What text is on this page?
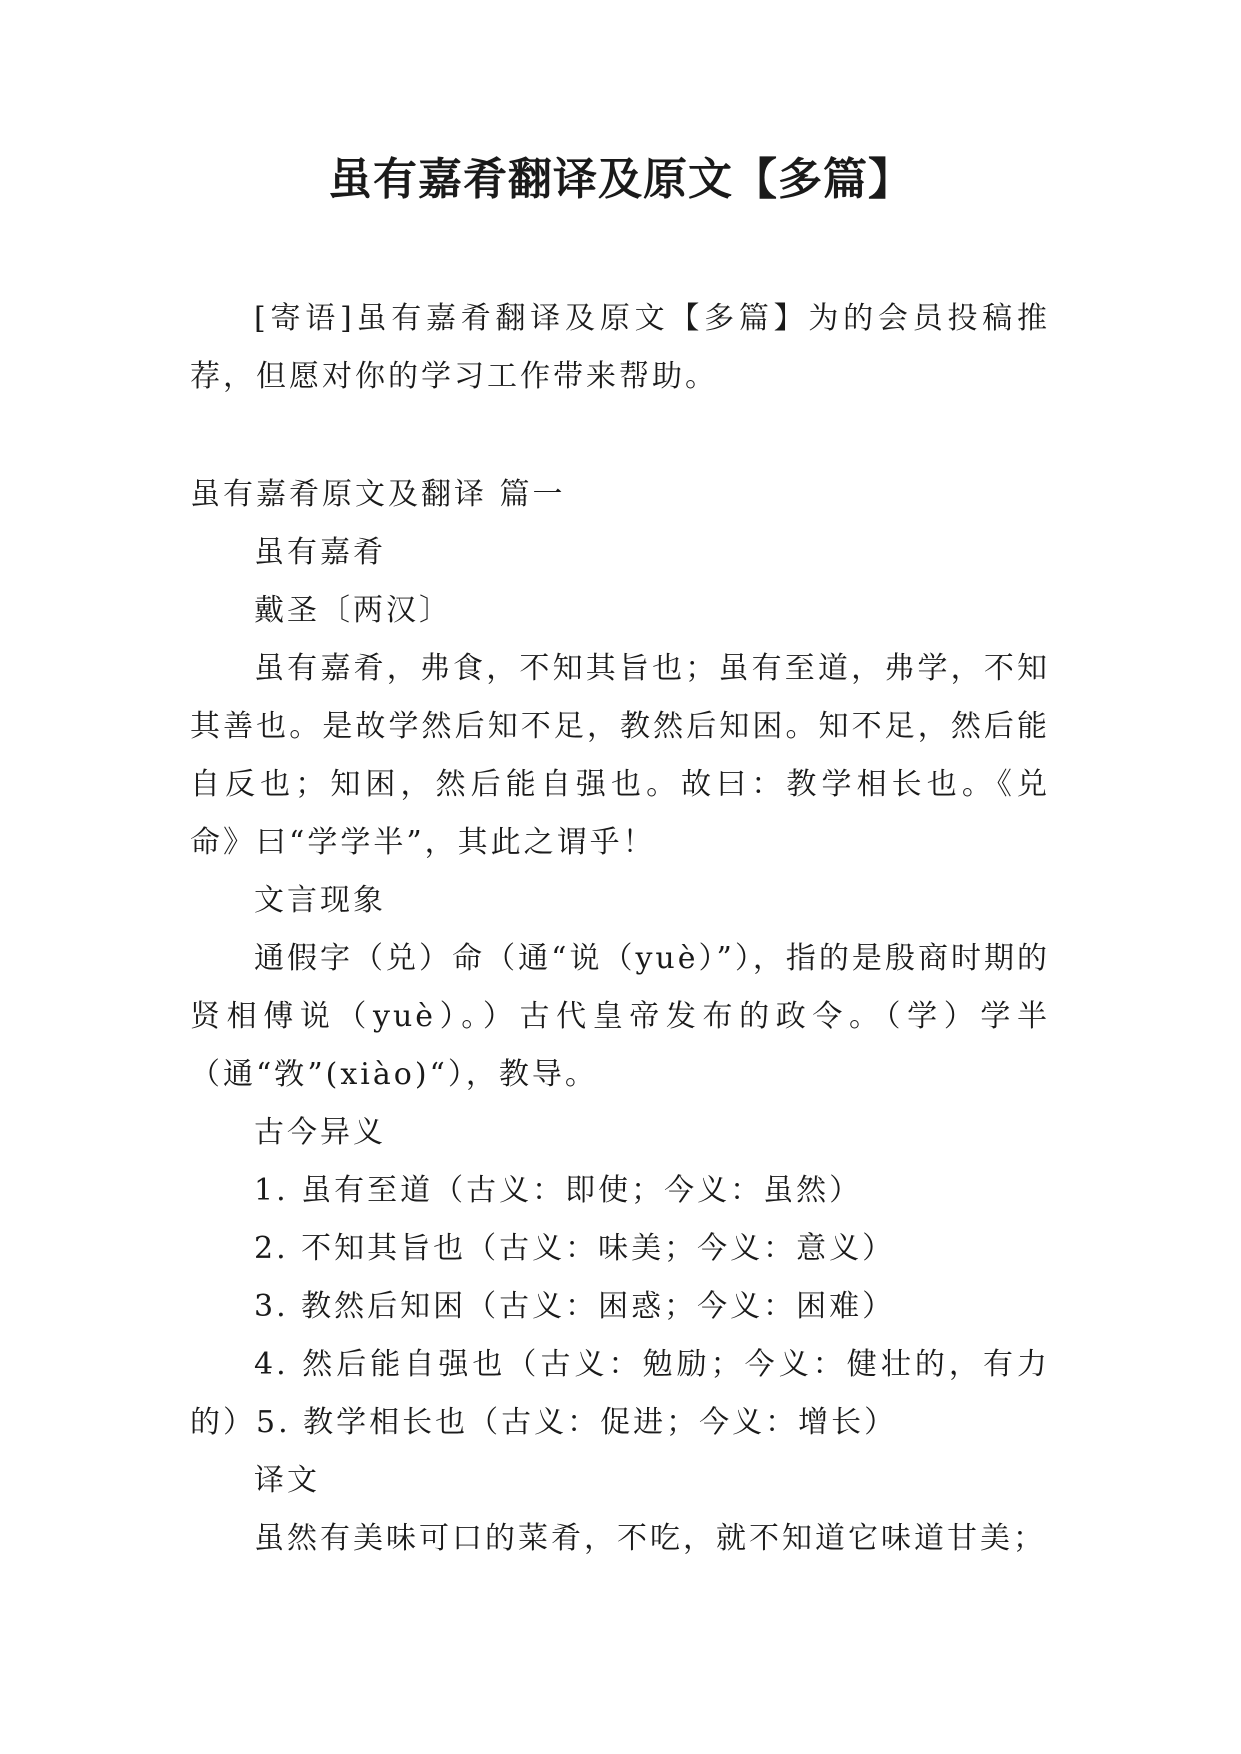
虽有嘉肴翻译及原文【多篇】

[寄语]虽有嘉肴翻译及原文【多篇】为的会员投稿推荐，但愿对你的学习工作带来帮助。

虽有嘉肴原文及翻译 篇一

虽有嘉肴

戴圣〔两汉〕

虽有嘉肴，弗食，不知其旨也；虽有至道，弗学，不知其善也。是故学然后知不足，教然后知困。知不足，然后能自反也；知困，然后能自强也。故曰：教学相长也。《兑命》曰“学学半”，其此之谓乎！

文言现象

通假字（兑）命（通“说（yuè）”），指的是殷商时期的贤相傅说（yuè）。）古代皇帝发布的政令。（学）学半（通“敩”(xiào)“），教导。

古今异义

1. 虽有至道（古义：即使；今义：虽然）

2. 不知其旨也（古义：味美；今义：意义）

3. 教然后知困（古义：困惑；今义：困难）

4. 然后能自强也（古义：勉励；今义：健壮的，有力的）5. 教学相长也（古义：促进；今义：增长）

译文

虽然有美味可口的菜肴，不吃，就不知道它味道甘美；
